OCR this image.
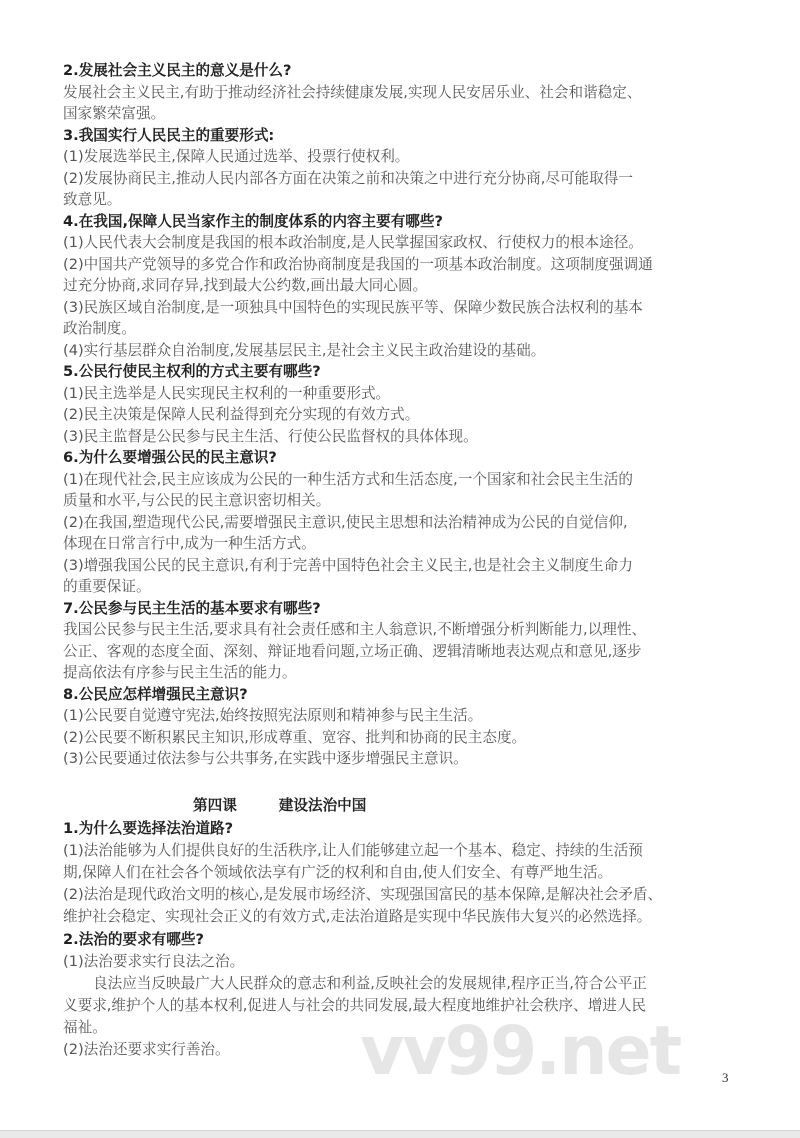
vv99.net
2.发展社会主义民主的意义是什么?
发展社会主义民主,有助于推动经济社会持续健康发展,实现人民安居乐业、社会和谐稳定、
国家繁荣富强。
3.我国实行人民民主的重要形式:
(1)发展选举民主,保障人民通过选举、投票行使权利。
(2)发展协商民主,推动人民内部各方面在决策之前和决策之中进行充分协商,尽可能取得一
致意见。
4.在我国,保障人民当家作主的制度体系的内容主要有哪些?
(1)人民代表大会制度是我国的根本政治制度,是人民掌握国家政权、行使权力的根本途径。
(2)中国共产党领导的多党合作和政治协商制度是我国的一项基本政治制度。这项制度强调通
过充分协商,求同存异,找到最大公约数,画出最大同心圆。
(3)民族区域自治制度,是一项独具中国特色的实现民族平等、保障少数民族合法权利的基本
政治制度。
(4)实行基层群众自治制度,发展基层民主,是社会主义民主政治建设的基础。
5.公民行使民主权利的方式主要有哪些?
(1)民主选举是人民实现民主权利的一种重要形式。
(2)民主决策是保障人民利益得到充分实现的有效方式。
(3)民主监督是公民参与民主生活、行使公民监督权的具体体现。
6.为什么要增强公民的民主意识?
(1)在现代社会,民主应该成为公民的一种生活方式和生活态度,一个国家和社会民主生活的
质量和水平,与公民的民主意识密切相关。
(2)在我国,塑造现代公民,需要增强民主意识,使民主思想和法治精神成为公民的自觉信仰,
体现在日常言行中,成为一种生活方式。
(3)增强我国公民的民主意识,有利于完善中国特色社会主义民主,也是社会主义制度生命力
的重要保证。
7.公民参与民主生活的基本要求有哪些?
我国公民参与民主生活,要求具有社会责任感和主人翁意识,不断增强分析判断能力,以理性、
公正、客观的态度全面、深刻、辩证地看问题,立场正确、逻辑清晰地表达观点和意见,逐步
提高依法有序参与民主生活的能力。
8.公民应怎样增强民主意识?
(1)公民要自觉遵守宪法,始终按照宪法原则和精神参与民主生活。
(2)公民要不断积累民主知识,形成尊重、宽容、批判和协商的民主态度。
(3)公民要通过依法参与公共事务,在实践中逐步增强民主意识。
第四课	建设法治中国
1.为什么要选择法治道路?
(1)法治能够为人们提供良好的生活秩序,让人们能够建立起一个基本、稳定、持续的生活预
期,保障人们在社会各个领域依法享有广泛的权利和自由,使人们安全、有尊严地生活。
(2)法治是现代政治文明的核心,是发展市场经济、实现强国富民的基本保障,是解决社会矛盾、
维护社会稳定、实现社会正义的有效方式,走法治道路是实现中华民族伟大复兴的必然选择。
2.法治的要求有哪些?
(1)法治要求实行良法之治。
良法应当反映最广大人民群众的意志和利益,反映社会的发展规律,程序正当,符合公平正
义要求,维护个人的基本权利,促进人与社会的共同发展,最大程度地维护社会秩序、增进人民
福祉。
(2)法治还要求实行善治。
3
